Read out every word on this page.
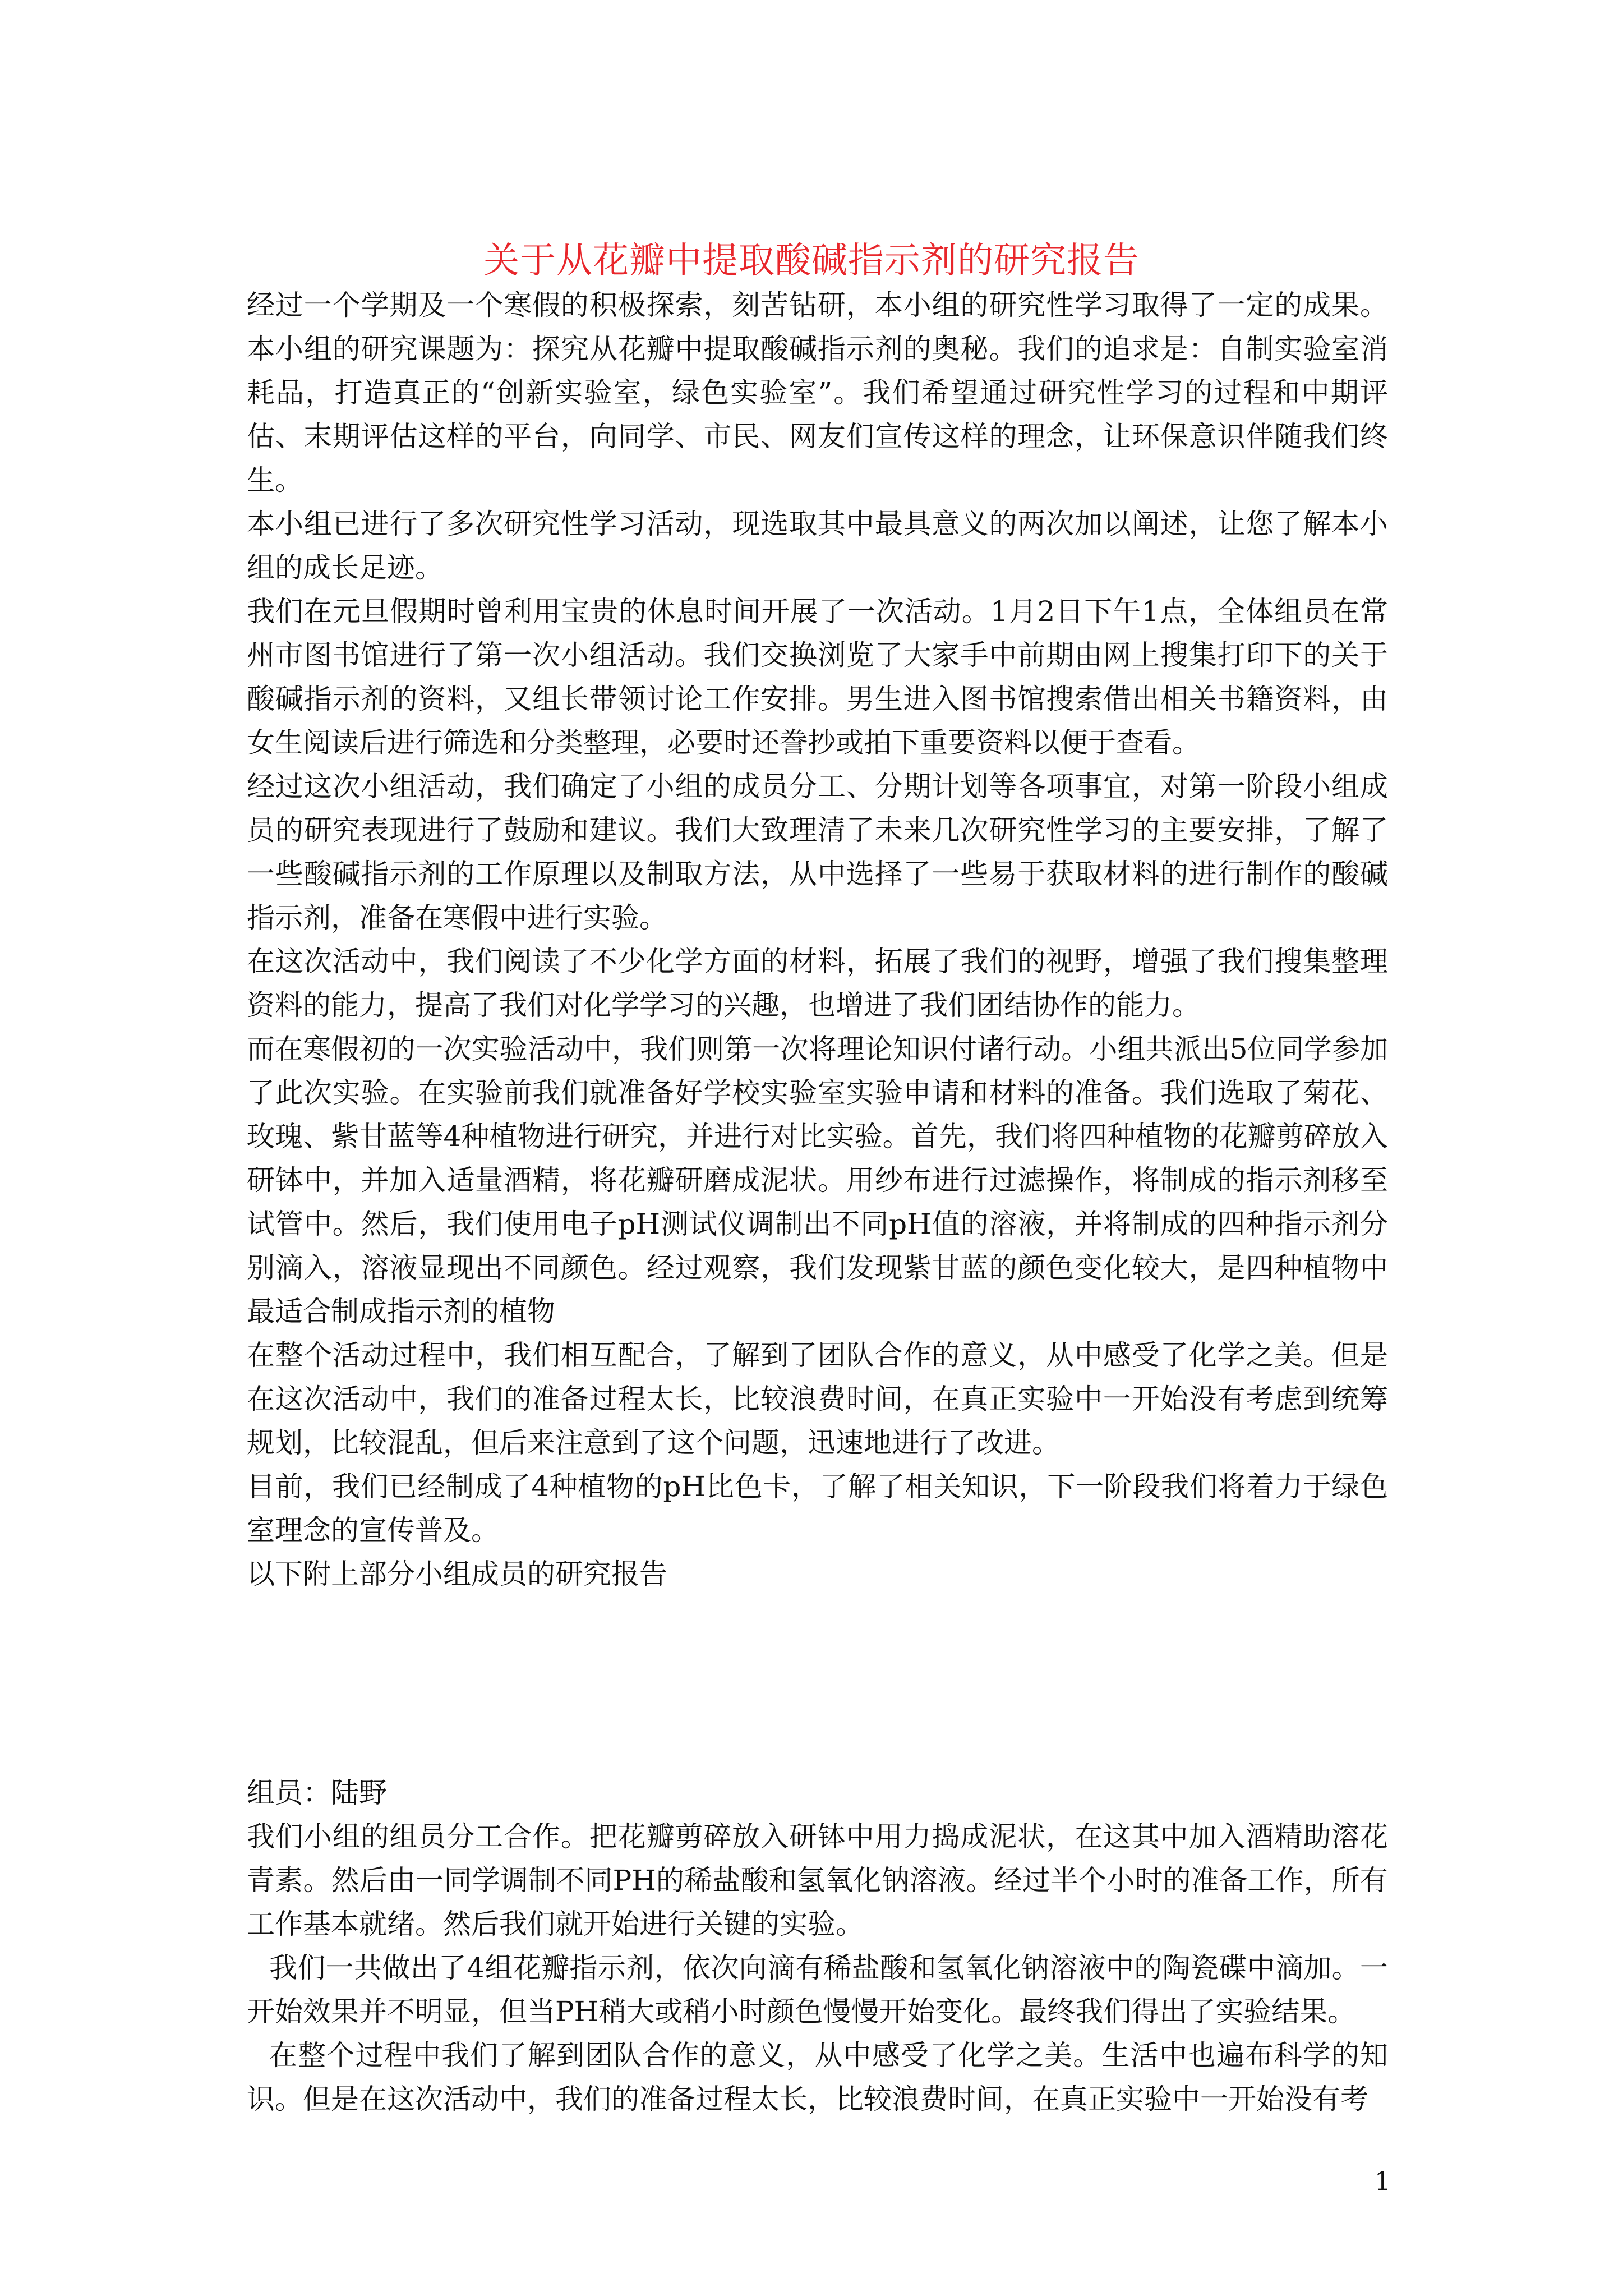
关于从花瓣中提取酸碱指示剂的研究报告

经过一个学期及一个寒假的积极探索，刻苦钻研，本小组的研究性学习取得了一定的成果。本小组的研究课题为：探究从花瓣中提取酸碱指示剂的奥秘。我们的追求是：自制实验室消耗品，打造真正的“创新实验室，绿色实验室”。我们希望通过研究性学习的过程和中期评估、末期评估这样的平台，向同学、市民、网友们宣传这样的理念，让环保意识伴随我们终生。

本小组已进行了多次研究性学习活动，现选取其中最具意义的两次加以阐述，让您了解本小组的成长足迹。

我们在元旦假期时曾利用宝贵的休息时间开展了一次活动。1月2日下午1点，全体组员在常州市图书馆进行了第一次小组活动。我们交换浏览了大家手中前期由网上搜集打印下的关于酸碱指示剂的资料，又组长带领讨论工作安排。男生进入图书馆搜索借出相关书籍资料，由女生阅读后进行筛选和分类整理，必要时还誊抄或拍下重要资料以便于查看。

经过这次小组活动，我们确定了小组的成员分工、分期计划等各项事宜，对第一阶段小组成员的研究表现进行了鼓励和建议。我们大致理清了未来几次研究性学习的主要安排，了解了一些酸碱指示剂的工作原理以及制取方法，从中选择了一些易于获取材料的进行制作的酸碱指示剂，准备在寒假中进行实验。

在这次活动中，我们阅读了不少化学方面的材料，拓展了我们的视野，增强了我们搜集整理资料的能力，提高了我们对化学学习的兴趣，也增进了我们团结协作的能力。

而在寒假初的一次实验活动中，我们则第一次将理论知识付诸行动。小组共派出5位同学参加了此次实验。在实验前我们就准备好学校实验室实验申请和材料的准备。我们选取了菊花、玫瑰、紫甘蓝等4种植物进行研究，并进行对比实验。首先，我们将四种植物的花瓣剪碎放入研钵中，并加入适量酒精，将花瓣研磨成泥状。用纱布进行过滤操作，将制成的指示剂移至试管中。然后，我们使用电子pH测试仪调制出不同pH值的溶液，并将制成的四种指示剂分别滴入，溶液显现出不同颜色。经过观察，我们发现紫甘蓝的颜色变化较大，是四种植物中最适合制成指示剂的植物

在整个活动过程中，我们相互配合，了解到了团队合作的意义，从中感受了化学之美。但是在这次活动中，我们的准备过程太长，比较浪费时间，在真正实验中一开始没有考虑到统筹规划，比较混乱，但后来注意到了这个问题，迅速地进行了改进。

目前，我们已经制成了4种植物的pH比色卡，了解了相关知识，下一阶段我们将着力于绿色室理念的宣传普及。

以下附上部分小组成员的研究报告

组员：陆野

我们小组的组员分工合作。把花瓣剪碎放入研钵中用力捣成泥状，在这其中加入酒精助溶花青素。然后由一同学调制不同PH的稀盐酸和氢氧化钠溶液。经过半个小时的准备工作，所有工作基本就绪。然后我们就开始进行关键的实验。

我们一共做出了4组花瓣指示剂，依次向滴有稀盐酸和氢氧化钠溶液中的陶瓷碟中滴加。一开始效果并不明显，但当PH稍大或稍小时颜色慢慢开始变化。最终我们得出了实验结果。

在整个过程中我们了解到团队合作的意义，从中感受了化学之美。生活中也遍布科学的知识。但是在这次活动中，我们的准备过程太长，比较浪费时间，在真正实验中一开始没有考

1
